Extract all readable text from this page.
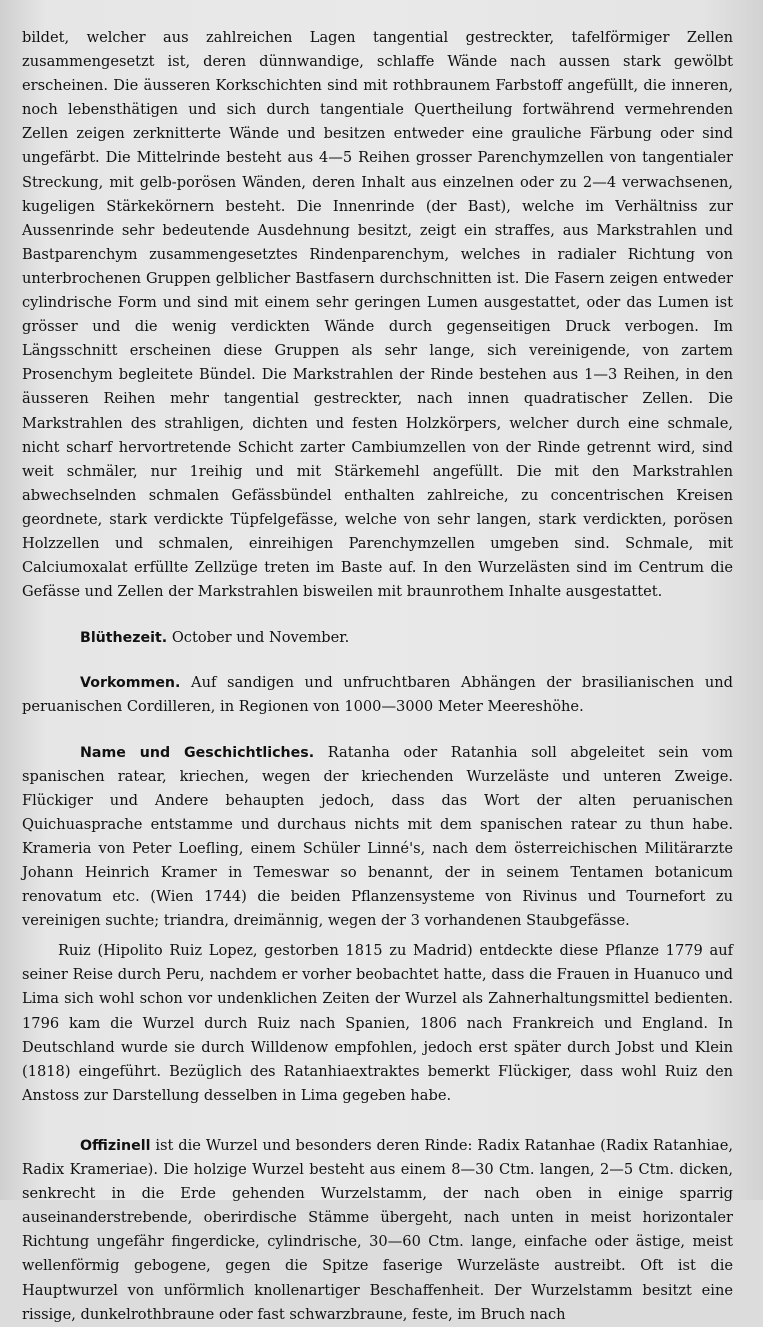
bildet, welcher aus zahlreichen Lagen tangential gestreckter, tafelförmiger Zellen zusammengesetzt ist, deren dünnwandige, schlaffe Wände nach aussen stark gewölbt erscheinen. Die äusseren Korkschichten sind mit rothbraunem Farbstoff angefüllt, die inneren, noch lebensthätigen und sich durch tangentiale Quertheilung fortwährend vermehrenden Zellen zeigen zerknitterte Wände und besitzen entweder eine grauliche Färbung oder sind ungefärbt. Die Mittelrinde besteht aus 4—5 Reihen grosser Parenchymzellen von tangentialer Streckung, mit gelb-porösen Wänden, deren Inhalt aus einzelnen oder zu 2—4 verwachsenen, kugeligen Stärkekörnern besteht. Die Innenrinde (der Bast), welche im Verhältniss zur Aussenrinde sehr bedeutende Ausdehnung besitzt, zeigt ein straffes, aus Markstrahlen und Bastparenchym zusammengesetztes Rindenparenchym, welches in radialer Richtung von unterbrochenen Gruppen gelblicher Bastfasern durchschnitten ist. Die Fasern zeigen entweder cylindrische Form und sind mit einem sehr geringen Lumen ausgestattet, oder das Lumen ist grösser und die wenig verdickten Wände durch gegenseitigen Druck verbogen. Im Längsschnitt erscheinen diese Gruppen als sehr lange, sich vereinigende, von zartem Prosenchym begleitete Bündel. Die Markstrahlen der Rinde bestehen aus 1—3 Reihen, in den äusseren Reihen mehr tangential gestreckter, nach innen quadratischer Zellen. Die Markstrahlen des strahligen, dichten und festen Holzkörpers, welcher durch eine schmale, nicht scharf hervortretende Schicht zarter Cambiumzellen von der Rinde getrennt wird, sind weit schmäler, nur 1reihig und mit Stärkemehl angefüllt. Die mit den Markstrahlen abwechselnden schmalen Gefässbündel enthalten zahlreiche, zu concentrischen Kreisen geordnete, stark verdickte Tüpfelgefässe, welche von sehr langen, stark verdickten, porösen Holzzellen und schmalen, einreihigen Parenchymzellen umgeben sind. Schmale, mit Calciumoxalat erfüllte Zellzüge treten im Baste auf. In den Wurzelästen sind im Centrum die Gefässe und Zellen der Markstrahlen bisweilen mit braunrothem Inhalte ausgestattet.

Blüthezeit. October und November.

Vorkommen. Auf sandigen und unfruchtbaren Abhängen der brasilianischen und peruanischen Cordilleren, in Regionen von 1000—3000 Meter Meereshöhe.

Name und Geschichtliches. Ratanha oder Ratanhia soll abgeleitet sein vom spanischen ratear, kriechen, wegen der kriechenden Wurzeläste und unteren Zweige. Flückiger und Andere behaupten jedoch, dass das Wort der alten peruanischen Quichuasprache entstamme und durchaus nichts mit dem spanischen ratear zu thun habe. Krameria von Peter Loefling, einem Schüler Linné's, nach dem österreichischen Militärarzte Johann Heinrich Kramer in Temeswar so benannt, der in seinem Tentamen botanicum renovatum etc. (Wien 1744) die beiden Pflanzensysteme von Rivinus und Tournefort zu vereinigen suchte; triandra, dreimännig, wegen der 3 vorhandenen Staubgefässe.

Ruiz (Hipolito Ruiz Lopez, gestorben 1815 zu Madrid) entdeckte diese Pflanze 1779 auf seiner Reise durch Peru, nachdem er vorher beobachtet hatte, dass die Frauen in Huanuco und Lima sich wohl schon vor undenklichen Zeiten der Wurzel als Zahnerhaltungsmittel bedienten. 1796 kam die Wurzel durch Ruiz nach Spanien, 1806 nach Frankreich und England. In Deutschland wurde sie durch Willdenow empfohlen, jedoch erst später durch Jobst und Klein (1818) eingeführt. Bezüglich des Ratanhiaextraktes bemerkt Flückiger, dass wohl Ruiz den Anstoss zur Darstellung desselben in Lima gegeben habe.

Offizinell ist die Wurzel und besonders deren Rinde: Radix Ratanhae (Radix Ratanhiae, Radix Krameriae). Die holzige Wurzel besteht aus einem 8—30 Ctm. langen, 2—5 Ctm. dicken, senkrecht in die Erde gehenden Wurzelstamm, der nach oben in einige sparrig auseinanderstrebende, oberirdische Stämme übergeht, nach unten in meist horizontaler Richtung ungefähr fingerdicke, cylindrische, 30—60 Ctm. lange, einfache oder ästige, meist wellenförmig gebogene, gegen die Spitze faserige Wurzeläste austreibt. Oft ist die Hauptwurzel von unförmlich knollenartiger Beschaffenheit. Der Wurzelstamm besitzt eine rissige, dunkelrothbraune oder fast schwarzbraune, feste, im Bruch nach
